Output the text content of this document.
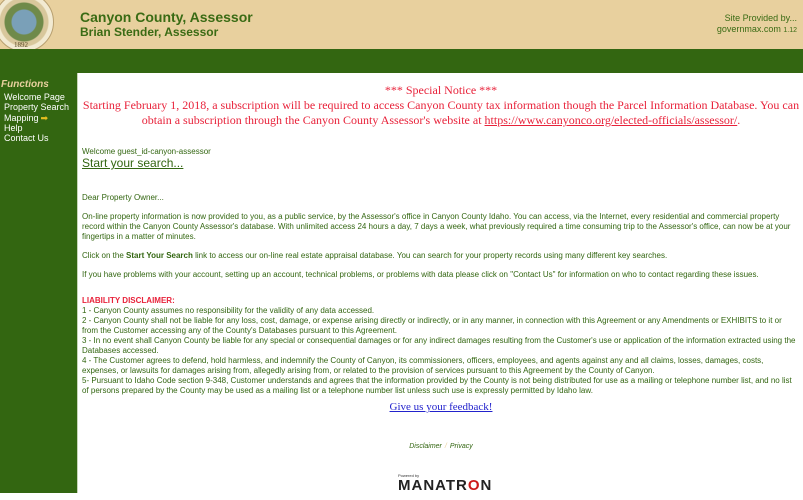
1892
Canyon County, Assessor
Brian Stender, Assessor
Site Provided by...
governmax.com 1.12
Functions
Welcome Page
Property Search
Mapping ➡
Help
Contact Us
*** Special Notice ***
Starting February 1, 2018, a subscription will be required to access Canyon County tax information though the Parcel Information Database. You can obtain a subscription through the Canyon County Assessor's website at https://www.canyonco.org/elected-officials/assessor/.
Welcome guest_id-canyon-assessor
Start your search...
Dear Property Owner...
On-line property information is now provided to you, as a public service, by the Assessor's office in Canyon County Idaho. You can access, via the Internet, every residential and commercial property record within the Canyon County Assessor's database. With unlimited access 24 hours a day, 7 days a week, what previously required a time consuming trip to the Assessor's office, can now be at your fingertips in a matter of minutes.
Click on the Start Your Search link to access our on-line real estate appraisal database. You can search for your property records using many different key searches.
If you have problems with your account, setting up an account, technical problems, or problems with data please click on "Contact Us" for information on who to contact regarding these issues.
LIABILITY DISCLAIMER:
1 - Canyon County assumes no responsibility for the validity of any data accessed.
2 - Canyon County shall not be liable for any loss, cost, damage, or expense arising directly or indirectly, or in any manner, in connection with this Agreement or any Amendments or EXHIBITS to it or from the Customer accessing any of the County's Databases pursuant to this Agreement.
3 - In no event shall Canyon County be liable for any special or consequential damages or for any indirect damages resulting from the Customer's use or application of the information extracted using the Databases accessed.
4 - The Customer agrees to defend, hold harmless, and indemnify the County of Canyon, its commissioners, officers, employees, and agents against any and all claims, losses, damages, costs, expenses, or lawsuits for damages arising from, allegedly arising from, or related to the provision of services pursuant to this Agreement by the County of Canyon.
5- Pursuant to Idaho Code section 9-348, Customer understands and agrees that the information provided by the County is not being distributed for use as a mailing or telephone number list, and no list of persons prepared by the County may be used as a mailing list or a telephone number list unless such use is expressly permitted by Idaho law.
Give us your feedback!
Disclaimer / Privacy
Powered by
MANATRON
